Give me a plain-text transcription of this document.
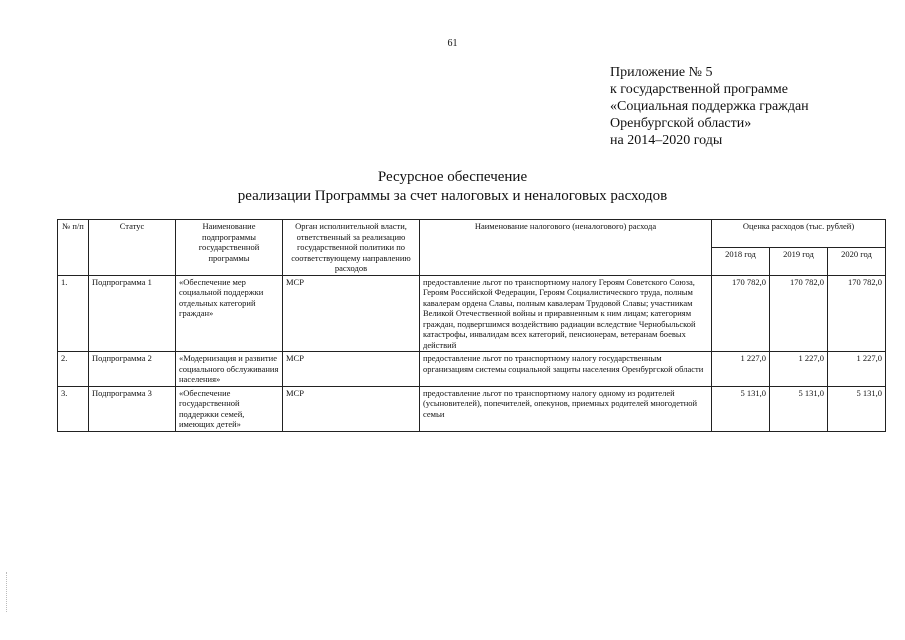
61
Приложение № 5
к государственной программе
«Социальная поддержка граждан
Оренбургской области»
на 2014–2020 годы
Ресурсное обеспечение
реализации Программы за счет налоговых и неналоговых расходов
№ п/п	Статус	Наименование подпрограммы государственной программы	Орган исполнительной власти, ответственный за реализацию государственной политики по соответствующему направлению расходов	Наименование налогового (неналогового) расхода	Оценка расходов (тыс. рублей)		
					2018 год	2019 год	2020 год
1.	Подпрограмма 1	«Обеспечение мер социальной поддержки отдельных категорий граждан»	МСР	предоставление льгот по транспортному налогу Героям Советского Союза, Героям Российской Федерации, Героям Социалистического труда, полным кавалерам ордена Славы, полным кавалерам Трудовой Славы; участникам Великой Отечественной войны и приравненным к ним лицам; категориям граждан, подвергшимся воздействию радиации вследствие Чернобыльской катастрофы, инвалидам всех категорий, пенсионерам, ветеранам боевых действий	170 782,0	170 782,0	170 782,0
2.	Подпрограмма 2	«Модернизация и развитие социального обслуживания населения»	МСР	предоставление льгот по транспортному налогу государственным организациям системы социальной защиты населения Оренбургской области	1 227,0	1 227,0	1 227,0
3.	Подпрограмма 3	«Обеспечение государственной поддержки семей, имеющих детей»	МСР	предоставление льгот по транспортному налогу одному из родителей (усыновителей), попечителей, опекунов, приемных родителей многодетной семьи	5 131,0	5 131,0	5 131,0
